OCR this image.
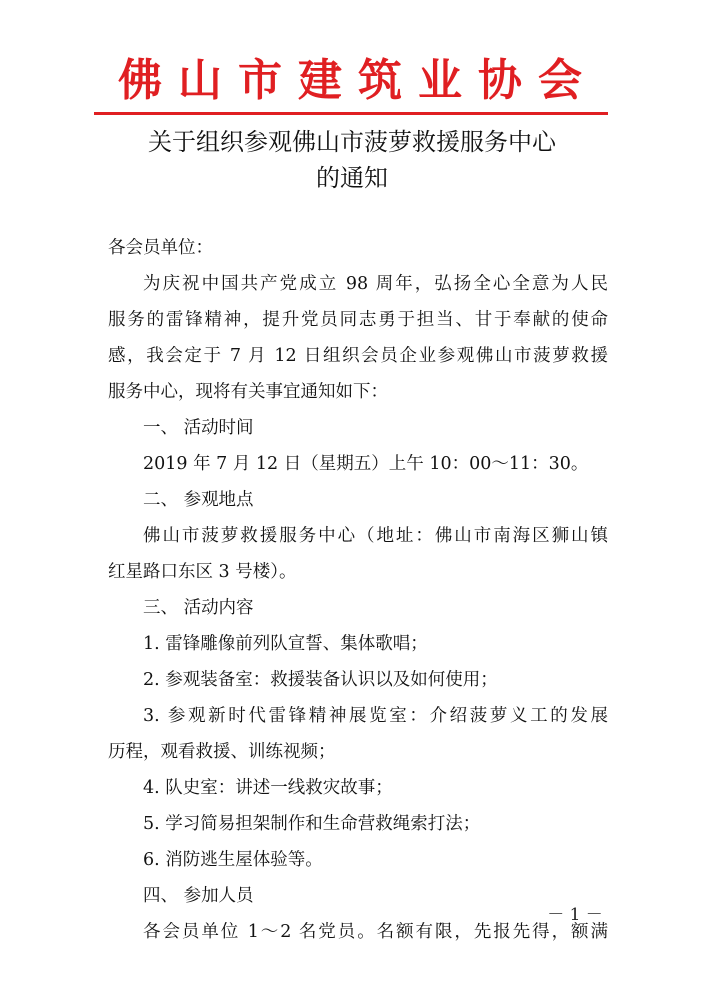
佛山市建筑业协会
关于组织参观佛山市菠萝救援服务中心
的通知
各会员单位：
为庆祝中国共产党成立 98 周年，弘扬全心全意为人民
服务的雷锋精神，提升党员同志勇于担当、甘于奉献的使命
感，我会定于 7 月 12 日组织会员企业参观佛山市菠萝救援
服务中心，现将有关事宜通知如下：
一、 活动时间
2019 年 7 月 12 日（星期五）上午 10：00～11：30。
二、 参观地点
佛山市菠萝救援服务中心（地址：佛山市南海区狮山镇
红星路口东区 3 号楼）。
三、 活动内容
1. 雷锋雕像前列队宣誓、集体歌唱；
2. 参观装备室：救援装备认识以及如何使用；
3. 参观新时代雷锋精神展览室：介绍菠萝义工的发展
历程，观看救援、训练视频；
4. 队史室：讲述一线救灾故事；
5. 学习简易担架制作和生命营救绳索打法；
6. 消防逃生屋体验等。
四、 参加人员
各会员单位 1～2 名党员。名额有限，先报先得，额满
－ 1 －
